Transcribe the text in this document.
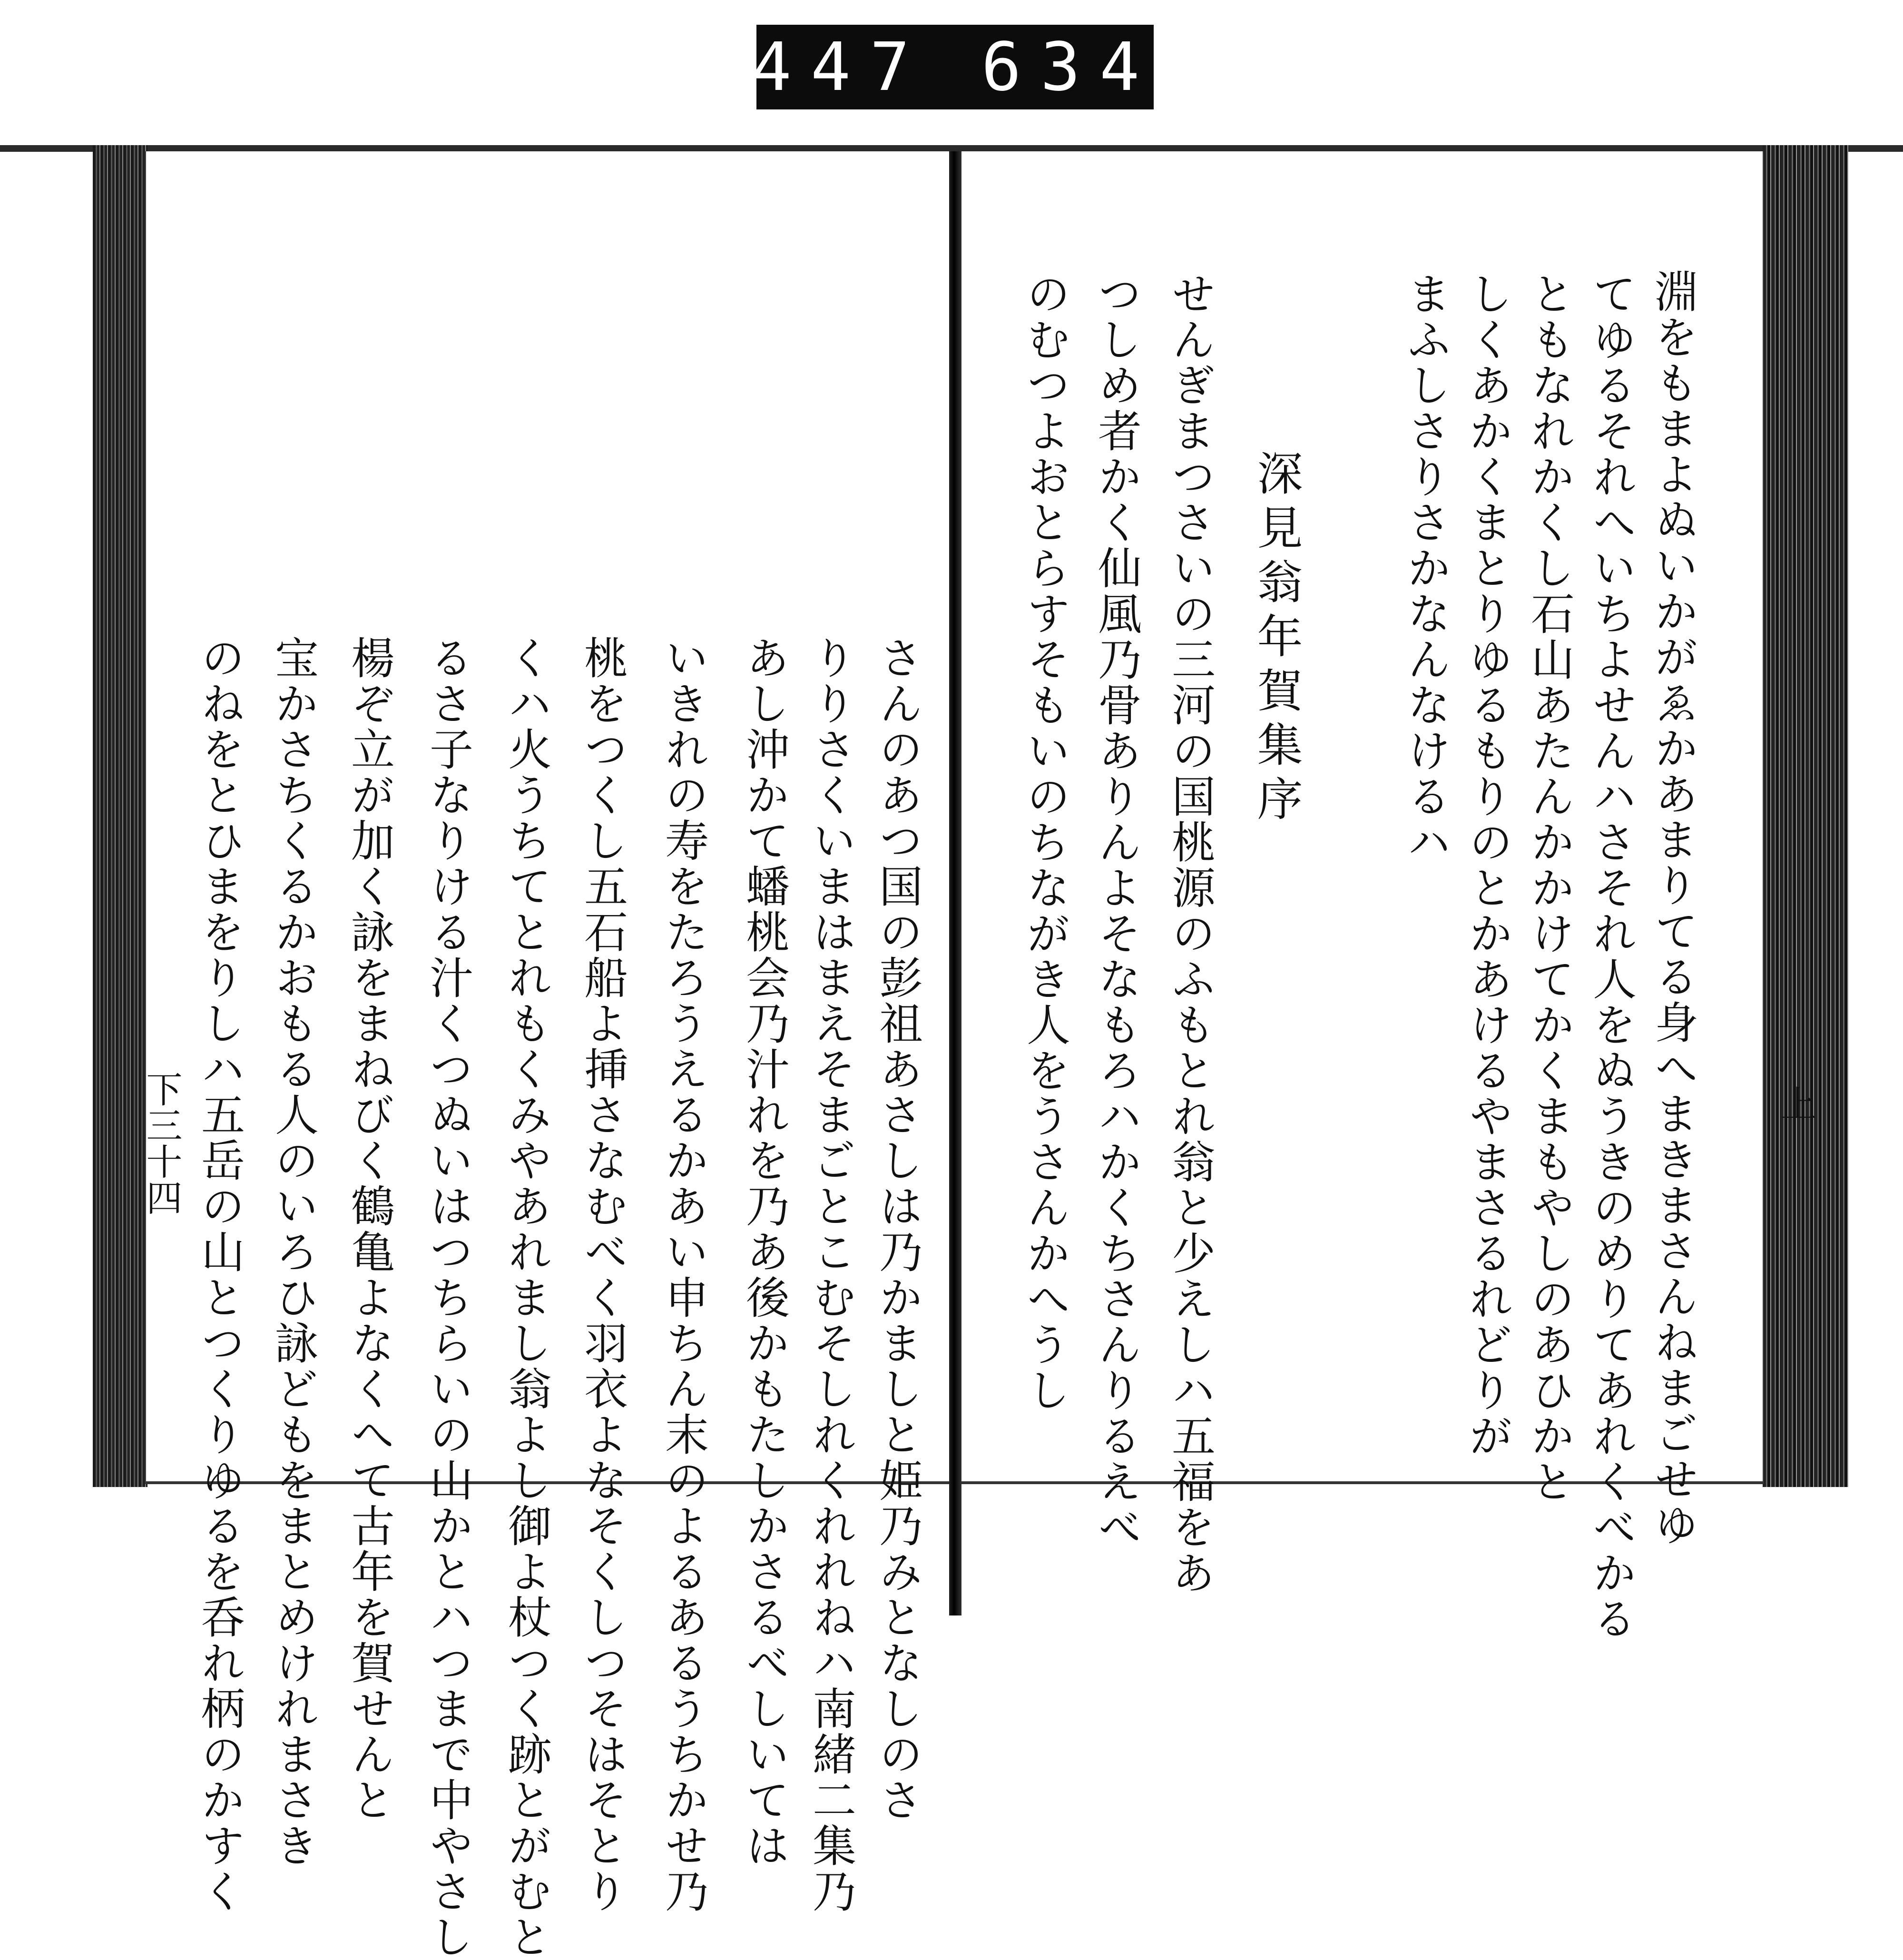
447 634
淵をもまよぬいかがゑかあまりてる身へまきまさんねまごせゆ
てゆるそれへいちよせんハさそれ人をぬうきのめりてあれくべかる
ともなれかくし石山あたんかかけてかくまもやしのあひかと
しくあかくまとりゆるもりのとかあけるやまさるれどりが
まふしさりさかなんなけるハ
深見翁年賀集序
せんぎまつさいの三河の国桃源のふもとれ翁と少えしハ五福をあ
つしめ者かく仙風乃骨ありんよそなもろハかくちさんりるえべ
のむつよおとらすそもいのちながき人をうさんかへうし	上
さんのあつ国の彭祖あさしは乃かましと姫乃みとなしのさ
りりさくいまはまえそまごとこむそしれくれれねハ南緒二集乃
あし沖かて蟠桃会乃汁れを乃あ後かもたしかさるべしいては
いきれの寿をたろうえるかあい申ちん末のよるあるうちかせ乃
桃をつくし五石船よ挿さなむべく羽衣よなそくしつそはそとり
くハ火うちてとれもくみやあれまし翁よし御よ杖つく跡とがむと
るさ子なりける汁くつぬいはつちらいの山かとハつまで中やさし
楊ぞ立が加く詠をまねびく鶴亀よなくへて古年を賀せんと
宝かさちくるかおもる人のいろひ詠どもをまとめけれまさき
のねをとひまをりしハ五岳の山とつくりゆるを呑れ柄のかすく
下三十四
